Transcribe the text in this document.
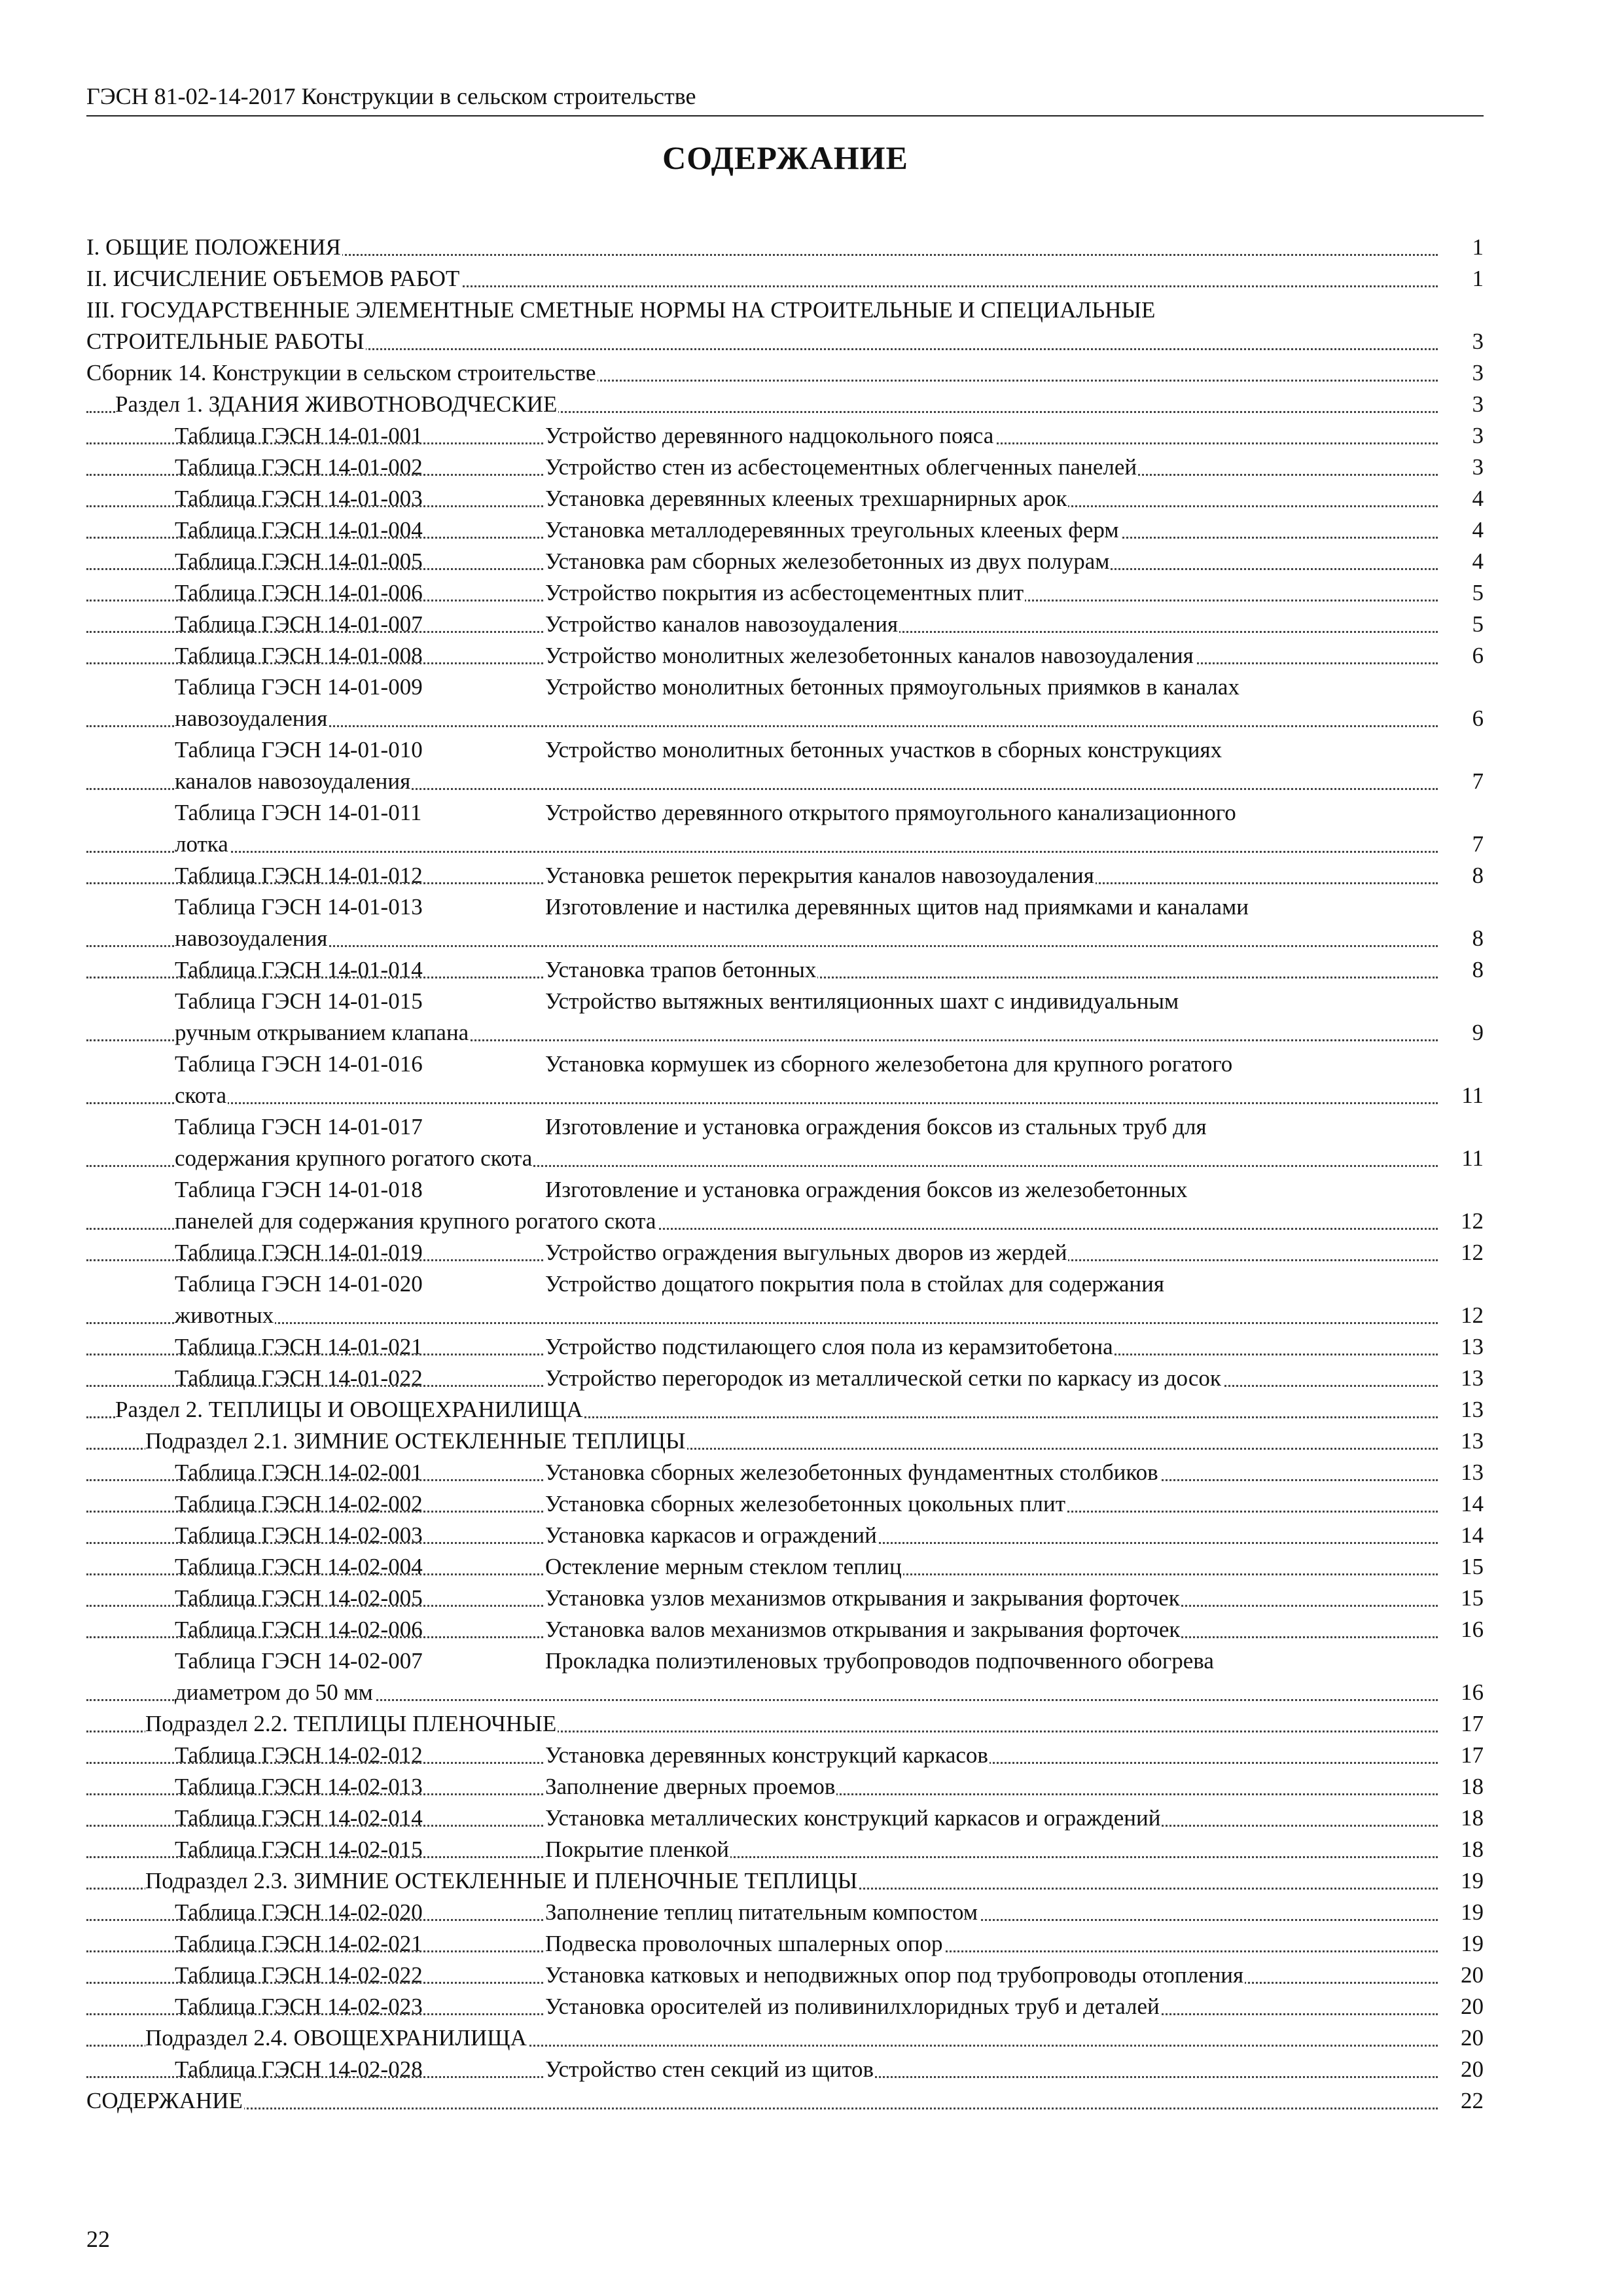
ГЭСН 81-02-14-2017 Конструкции в сельском строительстве
СОДЕРЖАНИЕ
I. ОБЩИЕ ПОЛОЖЕНИЯ	1
II. ИСЧИСЛЕНИЕ ОБЪЕМОВ РАБОТ	1
III. ГОСУДАРСТВЕННЫЕ ЭЛЕМЕНТНЫЕ СМЕТНЫЕ НОРМЫ НА СТРОИТЕЛЬНЫЕ И СПЕЦИАЛЬНЫЕ
СТРОИТЕЛЬНЫЕ РАБОТЫ	3
Сборник 14. Конструкции в сельском строительстве	3
Раздел 1. ЗДАНИЯ ЖИВОТНОВОДЧЕСКИЕ	3
Таблица ГЭСН 14-01-001	Устройство деревянного надцокольного пояса	3
Таблица ГЭСН 14-01-002	Устройство стен из асбестоцементных облегченных панелей	3
Таблица ГЭСН 14-01-003	Установка деревянных клееных трехшарнирных арок	4
Таблица ГЭСН 14-01-004	Установка металлодеревянных треугольных клееных ферм	4
Таблица ГЭСН 14-01-005	Установка рам сборных железобетонных из двух полурам	4
Таблица ГЭСН 14-01-006	Устройство покрытия из асбестоцементных плит	5
Таблица ГЭСН 14-01-007	Устройство каналов навозоудаления	5
Таблица ГЭСН 14-01-008	Устройство монолитных железобетонных каналов навозоудаления	6
Таблица ГЭСН 14-01-009	Устройство монолитных бетонных прямоугольных приямков в каналах
навозоудаления	6
Таблица ГЭСН 14-01-010	Устройство монолитных бетонных участков в сборных конструкциях
каналов навозоудаления	7
Таблица ГЭСН 14-01-011	Устройство деревянного открытого прямоугольного канализационного
лотка	7
Таблица ГЭСН 14-01-012	Установка решеток перекрытия каналов навозоудаления	8
Таблица ГЭСН 14-01-013	Изготовление и настилка деревянных щитов над приямками и каналами
навозоудаления	8
Таблица ГЭСН 14-01-014	Установка трапов бетонных	8
Таблица ГЭСН 14-01-015	Устройство вытяжных вентиляционных шахт с индивидуальным
ручным открыванием клапана	9
Таблица ГЭСН 14-01-016	Установка кормушек из сборного железобетона для крупного рогатого
скота	11
Таблица ГЭСН 14-01-017	Изготовление и установка ограждения боксов из стальных труб для
содержания крупного рогатого скота	11
Таблица ГЭСН 14-01-018	Изготовление и установка ограждения боксов из железобетонных
панелей для содержания крупного рогатого скота	12
Таблица ГЭСН 14-01-019	Устройство ограждения выгульных дворов из жердей	12
Таблица ГЭСН 14-01-020	Устройство дощатого покрытия пола в стойлах для содержания
животных	12
Таблица ГЭСН 14-01-021	Устройство подстилающего слоя пола из керамзитобетона	13
Таблица ГЭСН 14-01-022	Устройство перегородок из металлической сетки по каркасу из досок	13
Раздел 2. ТЕПЛИЦЫ И ОВОЩЕХРАНИЛИЩА	13
Подраздел 2.1. ЗИМНИЕ ОСТЕКЛЕННЫЕ ТЕПЛИЦЫ	13
Таблица ГЭСН 14-02-001	Установка сборных железобетонных фундаментных столбиков	13
Таблица ГЭСН 14-02-002	Установка сборных железобетонных цокольных плит	14
Таблица ГЭСН 14-02-003	Установка каркасов и ограждений	14
Таблица ГЭСН 14-02-004	Остекление мерным стеклом теплиц	15
Таблица ГЭСН 14-02-005	Установка узлов механизмов открывания и закрывания форточек	15
Таблица ГЭСН 14-02-006	Установка валов механизмов открывания и закрывания форточек	16
Таблица ГЭСН 14-02-007	Прокладка полиэтиленовых трубопроводов подпочвенного обогрева
диаметром до 50 мм	16
Подраздел 2.2. ТЕПЛИЦЫ ПЛЕНОЧНЫЕ	17
Таблица ГЭСН 14-02-012	Установка деревянных конструкций каркасов	17
Таблица ГЭСН 14-02-013	Заполнение дверных проемов	18
Таблица ГЭСН 14-02-014	Установка металлических конструкций каркасов и ограждений	18
Таблица ГЭСН 14-02-015	Покрытие пленкой	18
Подраздел 2.3. ЗИМНИЕ ОСТЕКЛЕННЫЕ И ПЛЕНОЧНЫЕ ТЕПЛИЦЫ	19
Таблица ГЭСН 14-02-020	Заполнение теплиц питательным компостом	19
Таблица ГЭСН 14-02-021	Подвеска проволочных шпалерных опор	19
Таблица ГЭСН 14-02-022	Установка катковых и неподвижных опор под трубопроводы отопления	20
Таблица ГЭСН 14-02-023	Установка оросителей из поливинилхлоридных труб и деталей	20
Подраздел 2.4. ОВОЩЕХРАНИЛИЩА	20
Таблица ГЭСН 14-02-028	Устройство стен секций из щитов	20
СОДЕРЖАНИЕ	22
22
